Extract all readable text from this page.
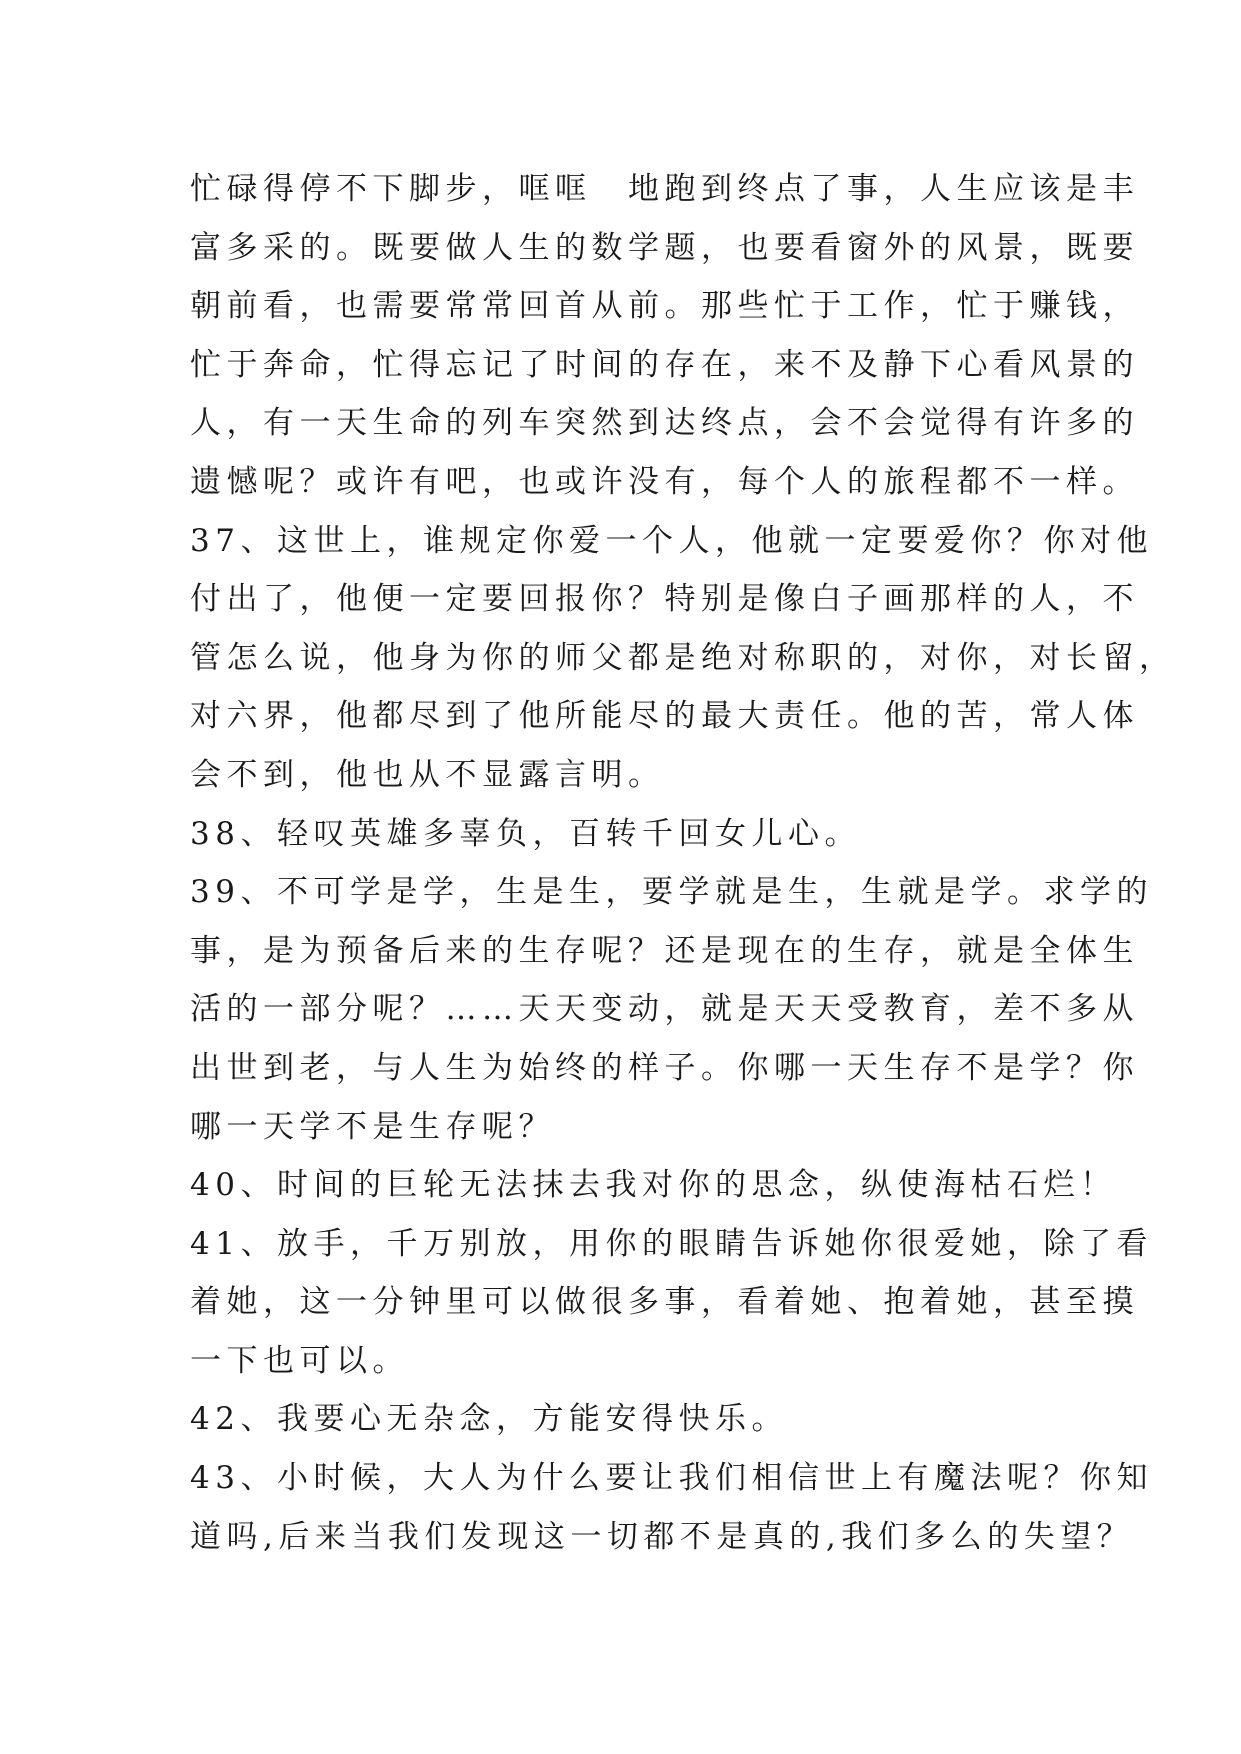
忙碌得停不下脚步，哐哐　地跑到终点了事，人生应该是丰
富多采的。既要做人生的数学题，也要看窗外的风景，既要
朝前看，也需要常常回首从前。那些忙于工作，忙于赚钱，
忙于奔命，忙得忘记了时间的存在，来不及静下心看风景的
人，有一天生命的列车突然到达终点，会不会觉得有许多的
遗憾呢？或许有吧，也或许没有，每个人的旅程都不一样。
37、这世上，谁规定你爱一个人，他就一定要爱你？你对他
付出了，他便一定要回报你？特别是像白子画那样的人，不
管怎么说，他身为你的师父都是绝对称职的，对你，对长留，
对六界，他都尽到了他所能尽的最大责任。他的苦，常人体
会不到，他也从不显露言明。
38、轻叹英雄多辜负，百转千回女儿心。
39、不可学是学，生是生，要学就是生，生就是学。求学的
事，是为预备后来的生存呢？还是现在的生存，就是全体生
活的一部分呢？……天天变动，就是天天受教育，差不多从
出世到老，与人生为始终的样子。你哪一天生存不是学？你
哪一天学不是生存呢？
40、时间的巨轮无法抹去我对你的思念，纵使海枯石烂！
41、放手，千万别放，用你的眼睛告诉她你很爱她，除了看
着她，这一分钟里可以做很多事，看着她、抱着她，甚至摸
一下也可以。
42、我要心无杂念，方能安得快乐。
43、小时候，大人为什么要让我们相信世上有魔法呢？你知
道吗,后来当我们发现这一切都不是真的,我们多么的失望？
